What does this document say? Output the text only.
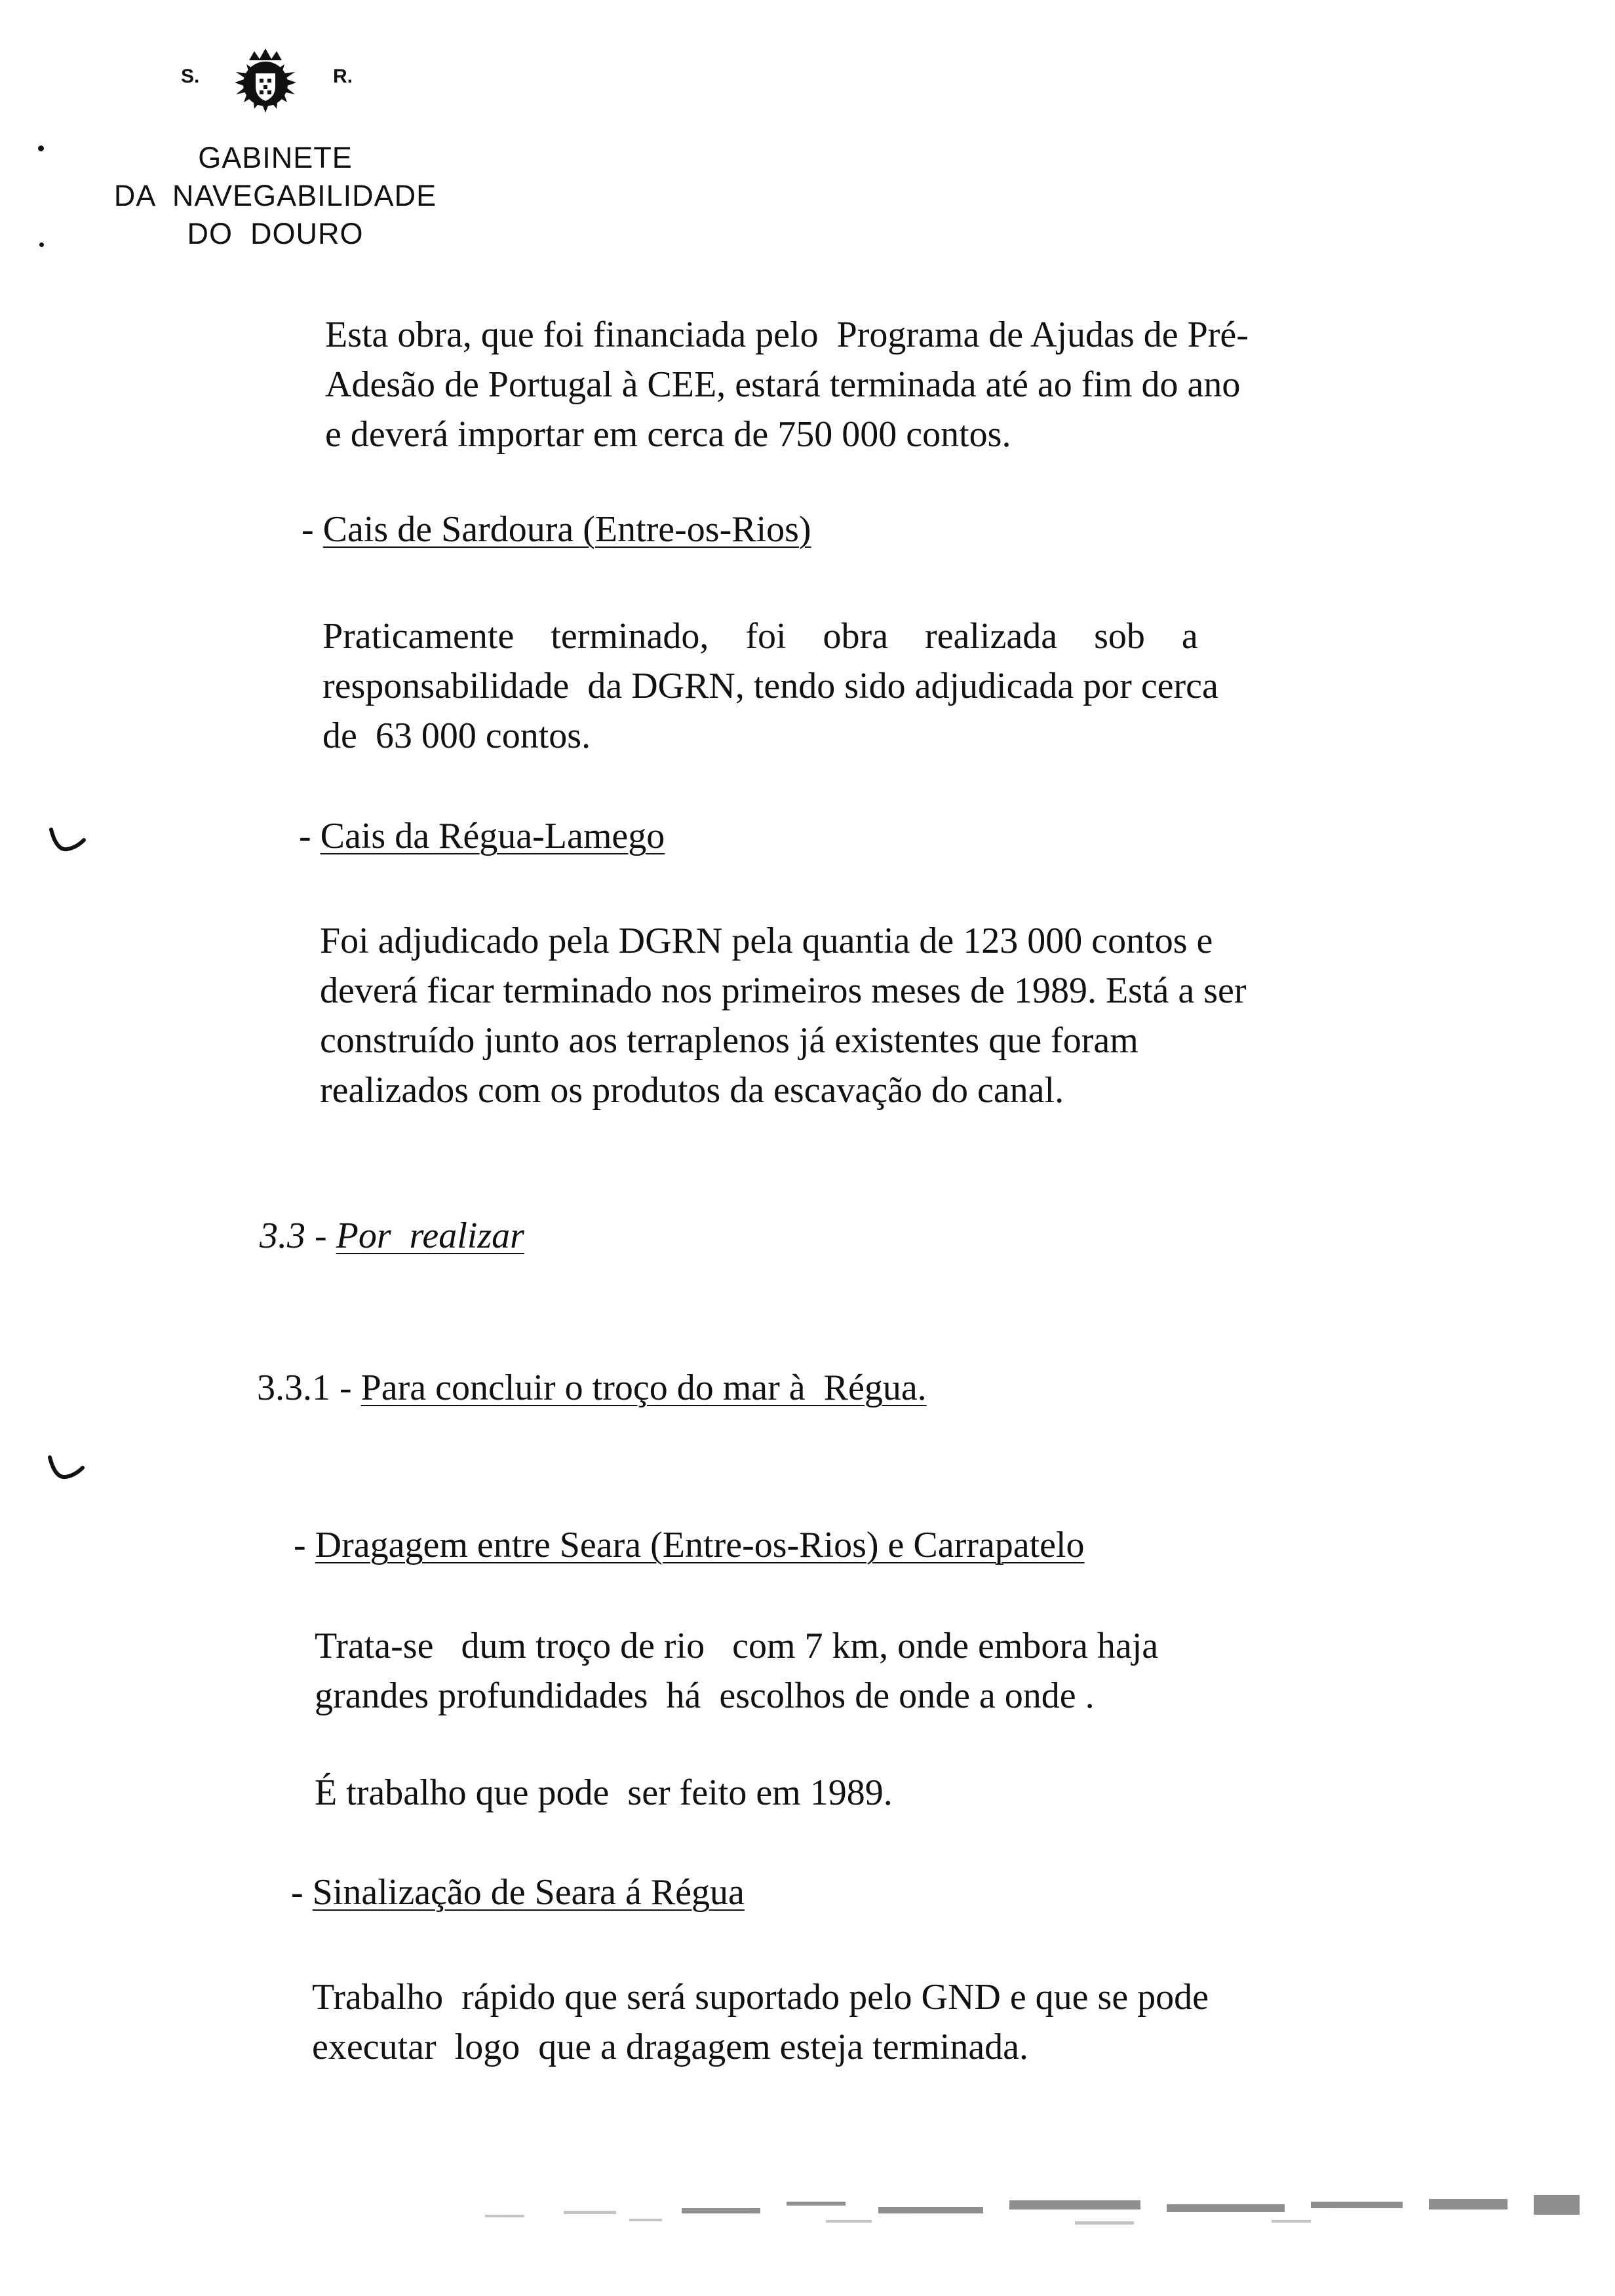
S.	R.
GABINETE
DA  NAVEGABILIDADE
DO  DOURO
Esta obra, que foi financiada pelo  Programa de Ajudas de Pré-
Adesão de Portugal à CEE, estará terminada até ao fim do ano
e deverá importar em cerca de 750 000 contos.
- Cais de Sardoura (Entre-os-Rios)
Praticamente    terminado,    foi    obra    realizada    sob    a
responsabilidade  da DGRN, tendo sido adjudicada por cerca
de  63 000 contos.
- Cais da Régua-Lamego
Foi adjudicado pela DGRN pela quantia de 123 000 contos e
deverá ficar terminado nos primeiros meses de 1989. Está a ser
construído junto aos terraplenos já existentes que foram
realizados com os produtos da escavação do canal.
3.3 - Por  realizar
3.3.1 - Para concluir o troço do mar à  Régua.
- Dragagem entre Seara (Entre-os-Rios) e Carrapatelo
Trata-se   dum troço de rio   com 7 km, onde embora haja
grandes profundidades  há  escolhos de onde a onde .
É trabalho que pode  ser feito em 1989.
- Sinalização de Seara á Régua
Trabalho  rápido que será suportado pelo GND e que se pode
executar  logo  que a dragagem esteja terminada.
